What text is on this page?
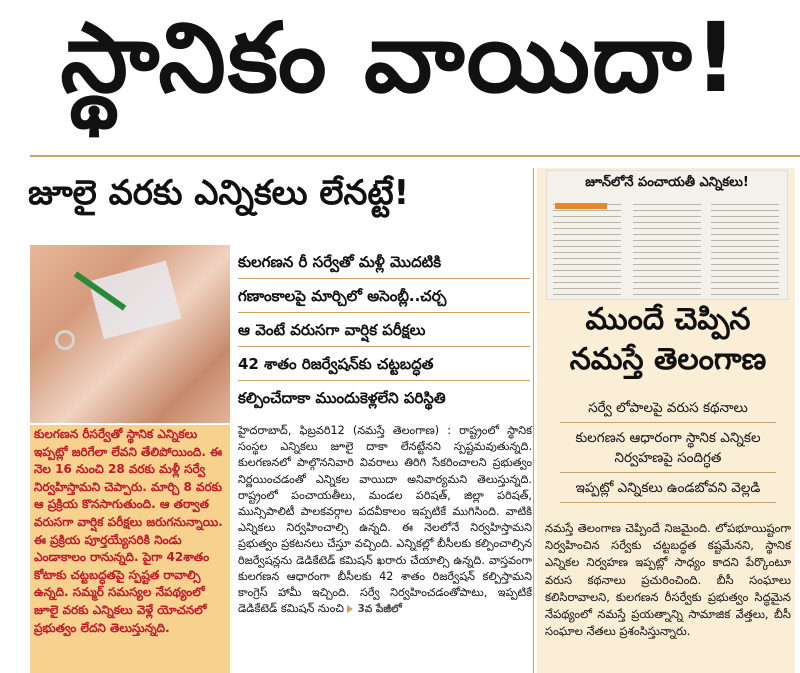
స్థానికం వాయిదా!
జూలై వరకు ఎన్నికలు లేనట్టే!	జూన్‌లోనే పంచాయతీ ఎన్నికలు!
ముందే చెప్పిన నమస్తే తెలంగాణ
సర్వే లోపాలపై వరుస కథనాలు
కులగణన ఆధారంగా స్థానిక ఎన్నికల నిర్వహణపై సందిగ్ధత
ఇప్పట్లో ఎన్నికలు ఉండబోవని వెల్లడి
నమస్తే తెలంగాణ చెప్పిందే నిజమైంది. లోపభూయిష్టంగా నిర్వహించిన సర్వేకు చట్టబద్ధత కష్టమేనని, స్థానిక ఎన్నికల నిర్వహణ ఇప్పట్లో సాధ్యం కాదని పేర్కొంటూ వరుస కథనాలు ప్రచురించింది. బీసీ సంఘాలు కలిసిరావాలని, కులగణన రీసర్వేకు ప్రభుత్వం సిద్ధమైన నేపథ్యంలో నమస్తే ప్రయత్నాన్ని సామాజిక వేత్తలు, బీసీ సంఘాల నేతలు ప్రశంసిస్తున్నారు.
కులగణన రీసర్వేతో స్థానిక ఎన్నికలు ఇప్పట్లో జరిగేలా లేవని తేలిపోయింది. ఈ నెల 16 నుంచి 28 వరకు మళ్లీ సర్వే నిర్వహిస్తామని చెప్పారు. మార్చి 8 వరకు ఆ ప్రక్రియ కొనసాగుతుంది. ఆ తర్వాత వరుసగా వార్షిక పరీక్షలు జరుగనున్నాయి. ఈ ప్రక్రియ పూర్తయ్యేసరికి నిండు ఎండాకాలం రానున్నది. పైగా 42శాతం కోటాకు చట్టబద్ధతపై స్పష్టత రావాల్సి ఉన్నది. సమ్మర్ సమస్యల నేపథ్యంలో జూలై వరకు ఎన్నికలు వెళ్లే యోచనలో ప్రభుత్వం లేదని తెలుస్తున్నది.
కులగణన రీ సర్వేతో మళ్లీ మొదటికి
గణాంకాలపై మార్చిలో అసెంబ్లీ..చర్చ
ఆ వెంటే వరుసగా వార్షిక పరీక్షలు
42 శాతం రిజర్వేషన్‌కు చట్టబద్ధత
కల్పించేదాకా ముందుకెళ్లలేని పరిస్థితి
హైదరాబాద్, ఫిబ్రవరి12 (నమస్తే తెలంగాణ) : రాష్ట్రంలో స్థానిక సంస్థల ఎన్నికలు జూలై దాకా లేనట్టేనని స్పష్టమవుతున్నది. కులగణనలో పాల్గొననివారి వివరాలు తిరిగి సేకరించాలని ప్రభుత్వం నిర్ణయించడంతో ఎన్నికల వాయిదా అనివార్యమని తెలుస్తున్నది. రాష్ట్రంలో పంచాయతీలు, మండల పరిషత్, జిల్లా పరిషత్, మున్సిపాలిటీ పాలకవర్గాల పదవీకాలం ఇప్పటికే ముగిసింది. వాటికి ఎన్నికలు నిర్వహించాల్సి ఉన్నది. ఈ నెలలోనే నిర్వహిస్తామని ప్రభుత్వం ప్రకటనలు చేస్తూ వచ్చింది. ఎన్నికల్లో బీసీలకు కల్పించాల్సిన రిజర్వేషన్లను డెడికేటెడ్ కమిషన్ ఖరారు చేయాల్సి ఉన్నది. వాస్తవంగా కులగణన ఆధారంగా బీసీలకు 42 శాతం రిజర్వేషన్ కల్పిస్తామని కాంగ్రెస్ హామీ ఇచ్చింది. సర్వే నిర్వహించడంతోపాటు, ఇప్పటికే డెడికేటెడ్ కమిషన్ నుంచి 3వ పేజీలో
